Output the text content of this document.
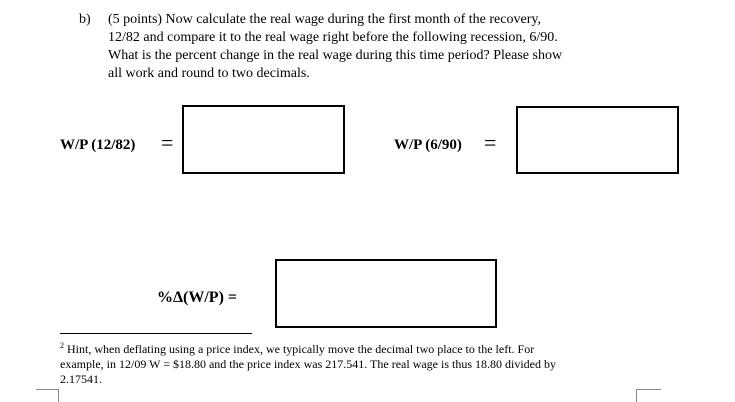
b) (5 points) Now calculate the real wage during the first month of the recovery,
12/82 and compare it to the real wage right before the following recession, 6/90.
What is the percent change in the real wage during this time period? Please show
all work and round to two decimals.
W/P (12/82) =	W/P (6/90) =
%Δ(W/P) =
$^2$ Hint, when deflating using a price index, we typically move the decimal two place to the left. For
example, in 12/09 W = $18.80 and the price index was 217.541. The real wage is thus 18.80 divided by
2.17541.
